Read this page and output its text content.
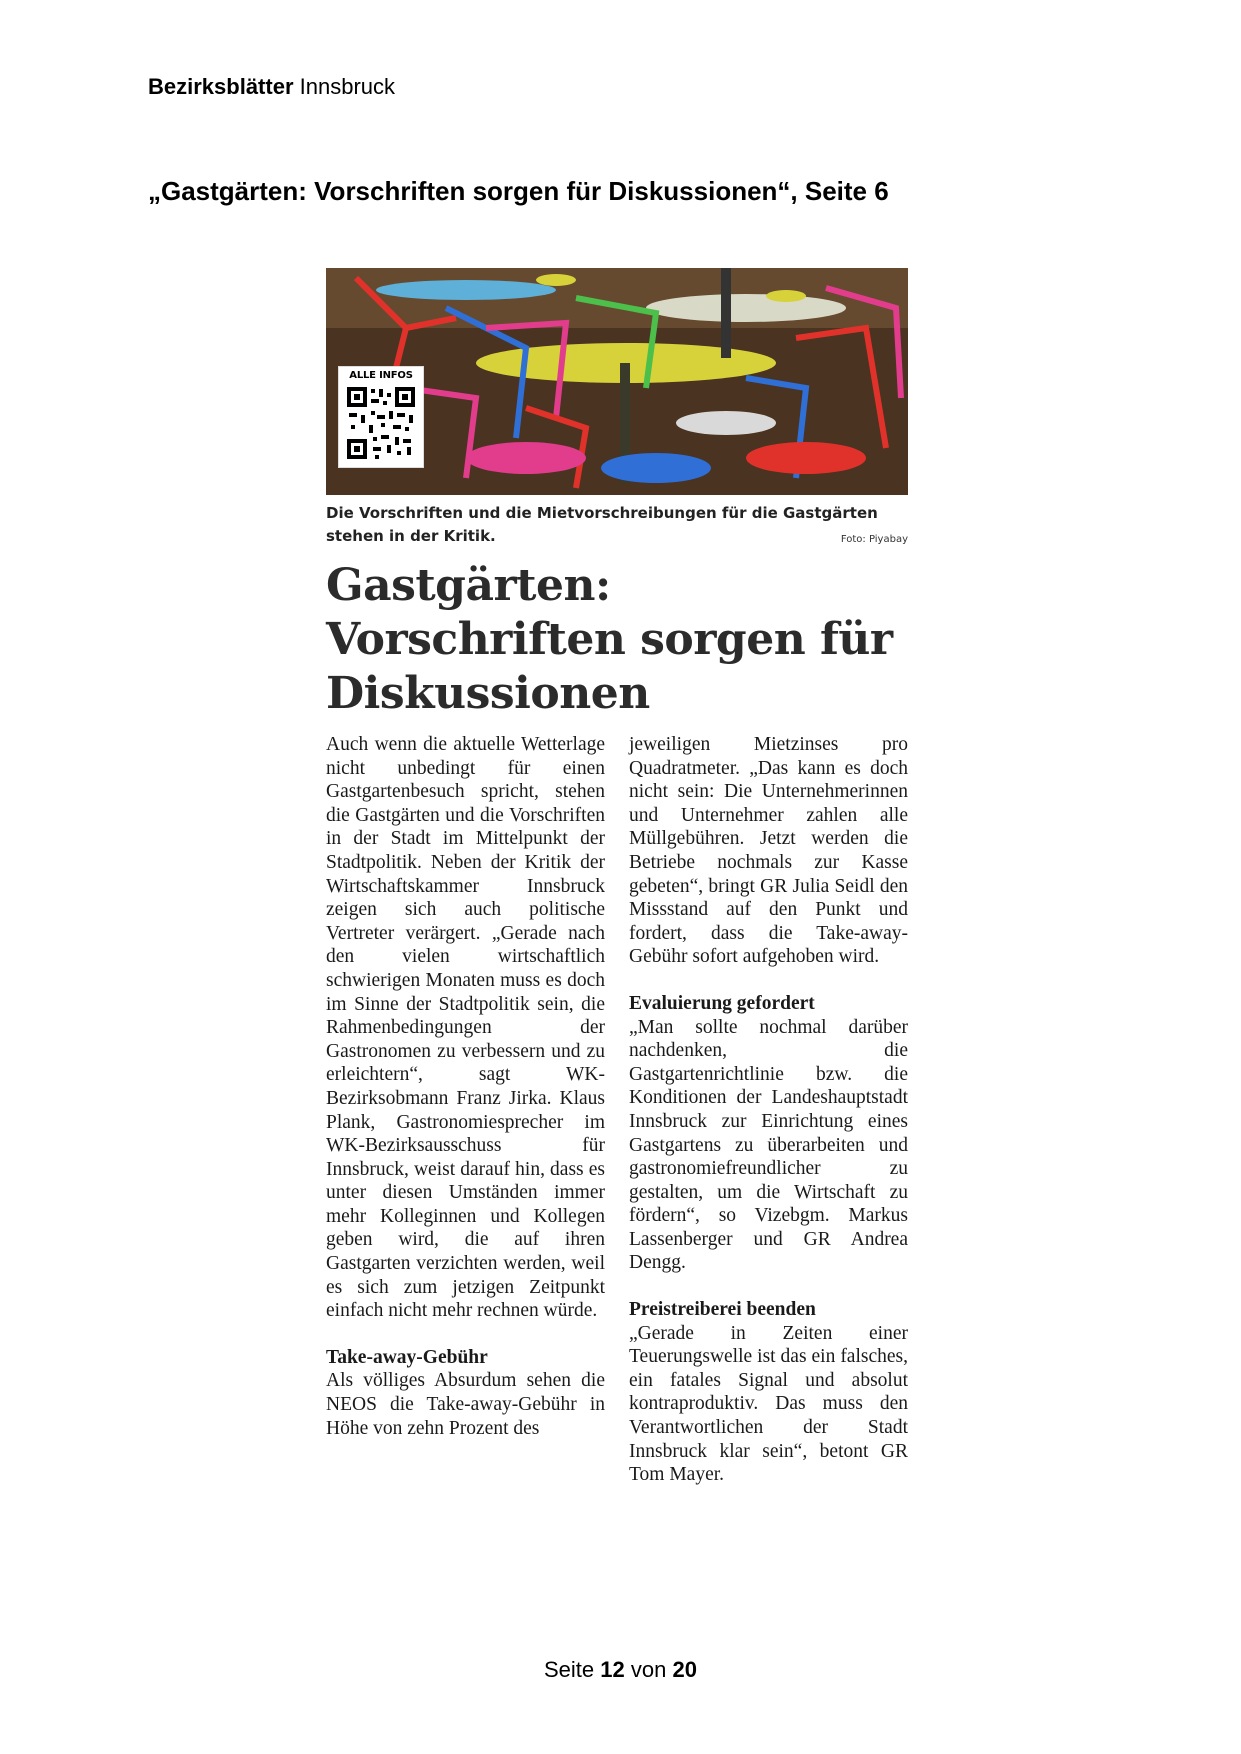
Bezirksblätter Innsbruck
„Gastgärten: Vorschriften sorgen für Diskussionen“, Seite 6
ALLE INFOS
Die Vorschriften und die Mietvorschreibungen für die Gastgärten stehen in der Kritik.	Foto: Piyabay
Gastgärten: Vorschriften sorgen für Diskussionen

Auch wenn die aktuelle Wetterlage nicht unbedingt für einen Gastgartenbesuch spricht, stehen die Gastgärten und die Vorschriften in der Stadt im Mittelpunkt der Stadtpolitik. Neben der Kritik der Wirtschaftskammer Innsbruck zeigen sich auch politische Vertreter verärgert. „Gerade nach den vielen wirtschaftlich schwierigen Monaten muss es doch im Sinne der Stadtpolitik sein, die Rahmenbedingungen der Gastronomen zu verbessern und zu erleichtern“, sagt WK-Bezirksobmann Franz Jirka. Klaus Plank, Gastronomiesprecher im WK-Bezirksausschuss für Innsbruck, weist darauf hin, dass es unter diesen Umständen immer mehr Kolleginnen und Kollegen geben wird, die auf ihren Gastgarten verzichten werden, weil es sich zum jetzigen Zeitpunkt einfach nicht mehr rechnen würde.

Take-away-Gebühr

Als völliges Absurdum sehen die NEOS die Take-away-Gebühr in Höhe von zehn Prozent des

jeweiligen Mietzinses pro Quadratmeter. „Das kann es doch nicht sein: Die Unternehmerinnen und Unternehmer zahlen alle Müllgebühren. Jetzt werden die Betriebe nochmals zur Kasse gebeten“, bringt GR Julia Seidl den Missstand auf den Punkt und fordert, dass die Take-away-Gebühr sofort aufgehoben wird.

Evaluierung gefordert

„Man sollte nochmal darüber nachdenken, die Gastgartenrichtlinie bzw. die Konditionen der Landeshauptstadt Innsbruck zur Einrichtung eines Gastgartens zu überarbeiten und gastronomiefreundlicher zu gestalten, um die Wirtschaft zu fördern“, so Vizebgm. Markus Lassenberger und GR Andrea Dengg.

Preistreiberei beenden

„Gerade in Zeiten einer Teuerungswelle ist das ein falsches, ein fatales Signal und absolut kontraproduktiv. Das muss den Verantwortlichen der Stadt Innsbruck klar sein“, betont GR Tom Mayer.

Seite 12 von 20
